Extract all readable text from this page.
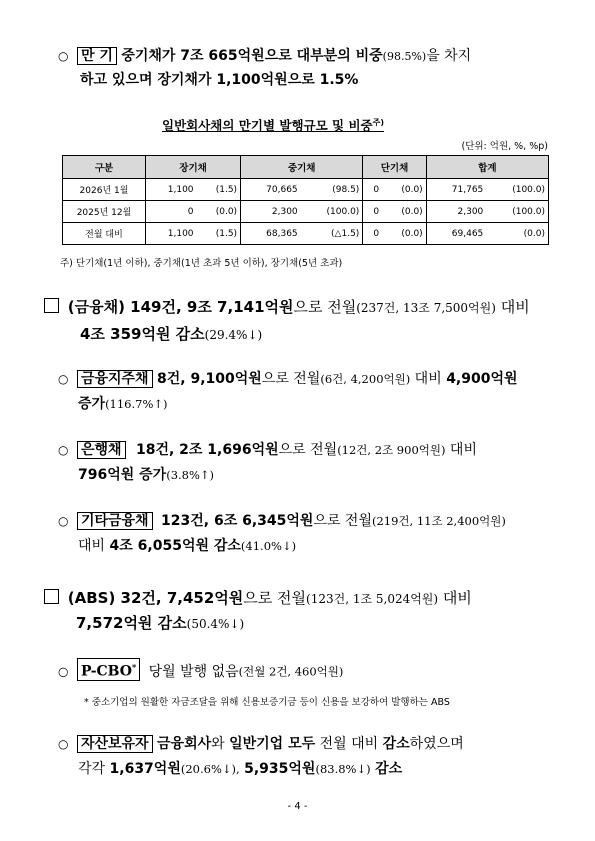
○ 만 기 중기채가 7조 665억원으로 대부분의 비중(98.5%)을 차지
하고 있으며 장기채가 1,100억원으로 1.5%
일반회사채의 만기별 발행규모 및 비중$^{주)}$
(단위: 억원, %, %p)
구분	장기채		중기채		단기채		합계	
2026년 1월	1,100	(1.5)	70,665	(98.5)	0	(0.0)	71,765	(100.0)
2025년 12월	0	(0.0)	2,300	(100.0)	0	(0.0)	2,300	(100.0)
전월 대비	1,100	(1.5)	68,365	(△1.5)	0	(0.0)	69,465	(0.0)
주) 단기채(1년 이하), 중기채(1년 초과 5년 이하), 장기채(5년 초과)
(금융채) 149건, 9조 7,141억원으로 전월(237건, 13조 7,500억원) 대비
4조 359억원 감소(29.4%↓)
○ 금융지주채 8건, 9,100억원으로 전월(6건, 4,200억원) 대비 4,900억원
증가(116.7%↑)
○ 은행채 18건, 2조 1,696억원으로 전월(12건, 2조 900억원) 대비
796억원 증가(3.8%↑)
○ 기타금융채 123건, 6조 6,345억원으로 전월(219건, 11조 2,400억원)
대비 4조 6,055억원 감소(41.0%↓)
(ABS) 32건, 7,452억원으로 전월(123건, 1조 5,024억원) 대비
7,572억원 감소(50.4%↓)
○ P-CBO* 당월 발행 없음(전월 2건, 460억원)
* 중소기업의 원활한 자금조달을 위해 신용보증기금 등이 신용을 보강하여 발행하는 ABS
○ 자산보유자 금융회사와 일반기업 모두 전월 대비 감소하였으며
각각 1,637억원(20.6%↓), 5,935억원(83.8%↓) 감소
- 4 -
